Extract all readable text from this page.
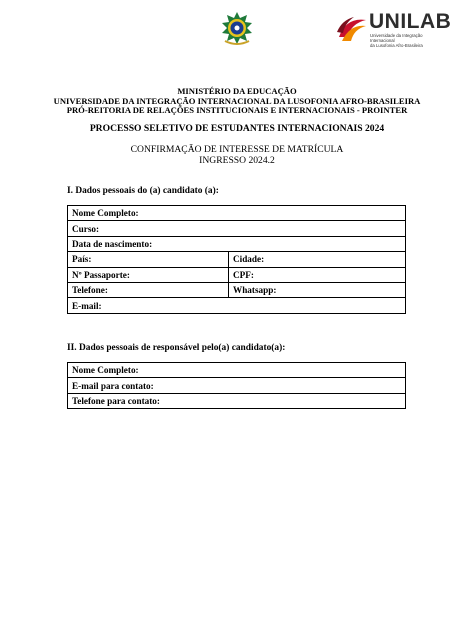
UNILAB
Universidade da Integração Internacional
da Lusofonia Afro-Brasileira
MINISTÉRIO DA EDUCAÇÃO
UNIVERSIDADE DA INTEGRAÇÃO INTERNACIONAL DA LUSOFONIA AFRO-BRASILEIRA
PRÓ-REITORIA DE RELAÇÕES INSTITUCIONAIS E INTERNACIONAIS - PROINTER
PROCESSO SELETIVO DE ESTUDANTES INTERNACIONAIS 2024
CONFIRMAÇÃO DE INTERESSE DE MATRÍCULA
INGRESSO 2024.2
I. Dados pessoais do (a) candidato (a):
Nome Completo:	
Curso:	
Data de nascimento:	
País:	Cidade:
Nº Passaporte:	CPF:
Telefone:	Whatsapp:
E-mail:	
II. Dados pessoais de responsável pelo(a) candidato(a):
Nome Completo:
E-mail para contato:
Telefone para contato:
